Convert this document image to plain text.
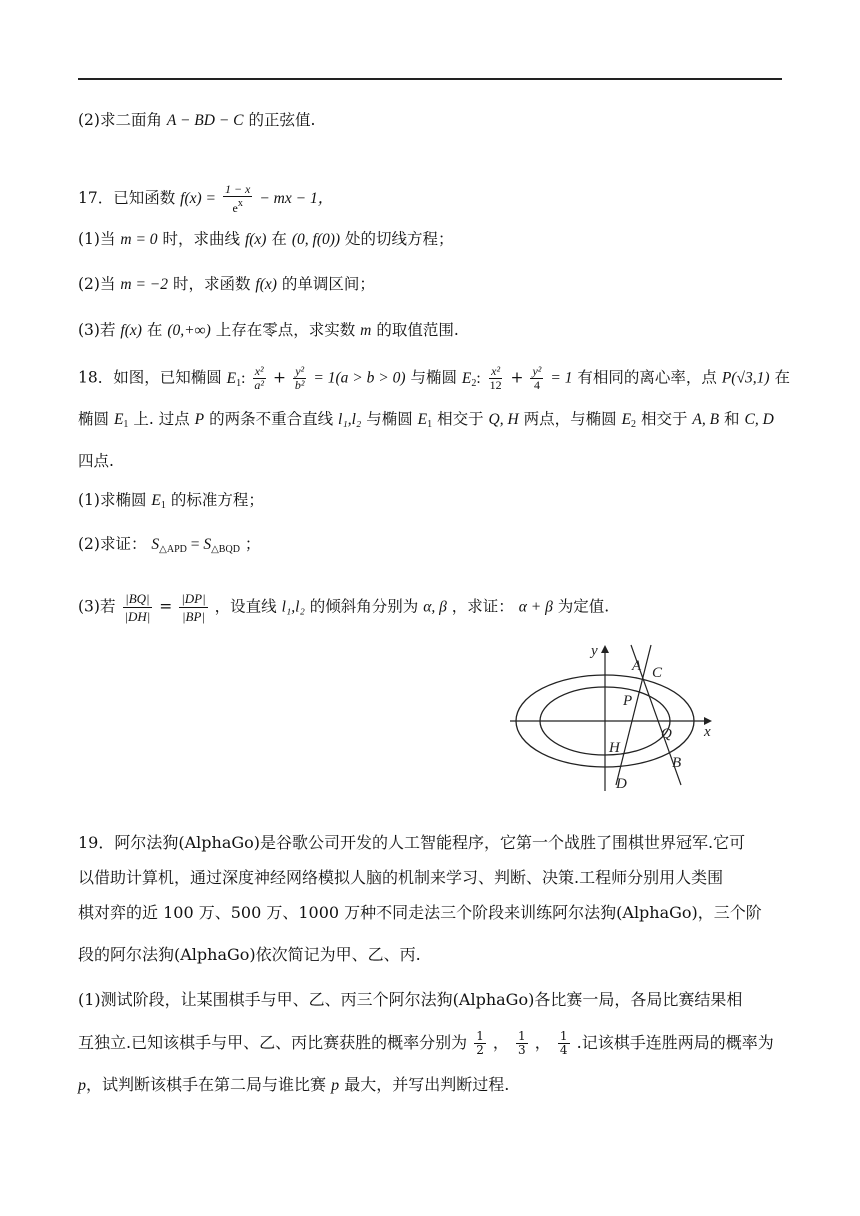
(2)求二面角 A − BD − C 的正弦值.
17．已知函数 $f(x) = \frac{1 - x}{e^x}$ − mx − 1，
(1)当 m = 0 时，求曲线 f(x) 在 (0, f(0)) 处的切线方程；
(2)当 m = −2 时，求函数 f(x) 的单调区间；
(3)若 f(x) 在 (0,+∞) 上存在零点，求实数 m 的取值范围.
18．如图，已知椭圆 $E_1$: $\frac{\text{x²}}{\text{a²}} + \frac{\text{y²}}{\text{b²}} = 1(a > b > 0)$ 与椭圆 $E_2$: $\frac{\text{x²}}{12} + \frac{\text{y²}}{4} = 1$ 有相同的离心率，点 P(√3,1) 在
椭圆 $E_1$ 上. 过点 P 的两条不重合直线 l₁,l₂ 与椭圆 $E_1$ 相交于 Q, H 两点，与椭圆 $E_2$ 相交于 A, B 和 C, D
四点.
(1)求椭圆 $E_1$ 的标准方程；
(2)求证： $S_{\triangle APD} = S_{\triangle BQD}$ ；
(3)若 $\frac{|BQ|}{|DH|} = \frac{|DP|}{|BP|}$ ，设直线 l₁,l₂ 的倾斜角分别为 α, β ，求证： α + β 为定值.
y
x
A C
P
Q
H
B
D
19．阿尔法狗(AlphaGo)是谷歌公司开发的人工智能程序，它第一个战胜了围棋世界冠军.它可
以借助计算机，通过深度神经网络模拟人脑的机制来学习、判断、决策.工程师分别用人类围
棋对弈的近 100 万、500 万、1000 万种不同走法三个阶段来训练阿尔法狗(AlphaGo)，三个阶
段的阿尔法狗(AlphaGo)依次简记为甲、乙、丙.
(1)测试阶段，让某围棋手与甲、乙、丙三个阿尔法狗(AlphaGo)各比赛一局，各局比赛结果相
互独立.已知该棋手与甲、乙、丙比赛获胜的概率分别为 $\frac{1}{2}$ ， $\frac{1}{3}$ ， $\frac{1}{4}$ .记该棋手连胜两局的概率为
p，试判断该棋手在第二局与谁比赛 p 最大，并写出判断过程.
